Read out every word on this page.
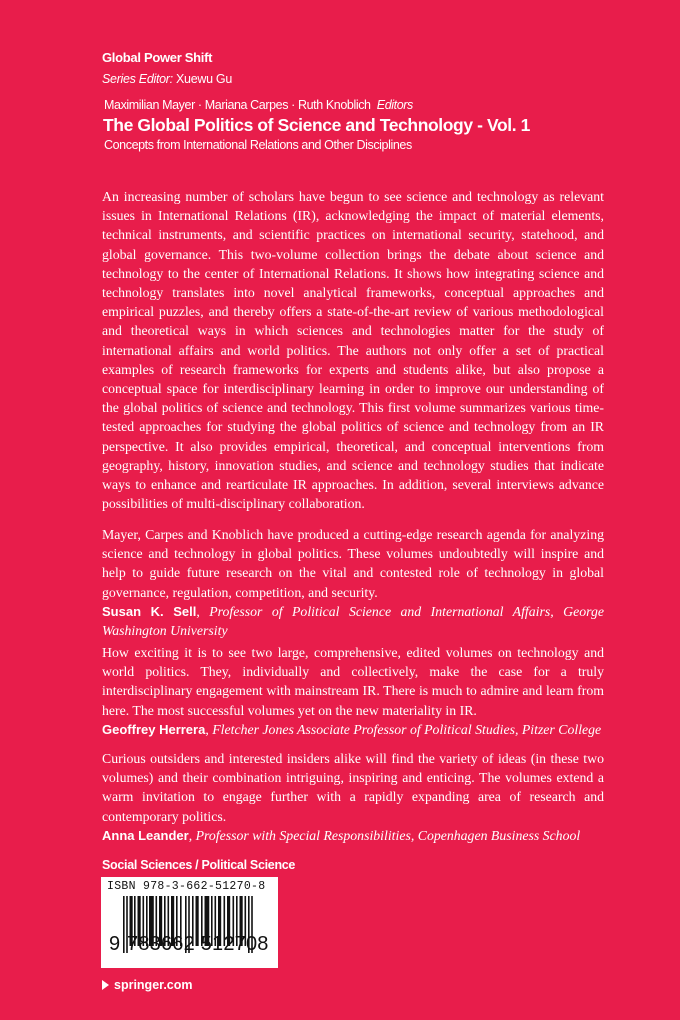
Global Power Shift
Series Editor: Xuewu Gu
Maximilian Mayer · Mariana Carpes · Ruth Knoblich Editors
The Global Politics of Science and Technology - Vol. 1
Concepts from International Relations and Other Disciplines
An increasing number of scholars have begun to see science and technology as relevant issues in International Relations (IR), acknowledging the impact of material elements, technical instruments, and scientific practices on international security, statehood, and global governance. This two-volume collection brings the debate about science and technology to the center of International Relations. It shows how integrating science and technology translates into novel analytical frameworks, conceptual approaches and empirical puzzles, and thereby offers a state-of-the-art review of various methodological and theoretical ways in which sciences and technologies matter for the study of international affairs and world politics. The authors not only offer a set of practical examples of research frameworks for experts and students alike, but also propose a conceptual space for interdisciplinary learning in order to improve our understanding of the global politics of science and technology. This first volume summarizes various time-tested approaches for studying the global politics of science and technology from an IR perspective. It also provides empirical, theoretical, and conceptual interventions from geography, history, innovation studies, and science and technology studies that indicate ways to enhance and rearticulate IR approaches. In addition, several interviews advance possibilities of multi-disciplinary collaboration.
Mayer, Carpes and Knoblich have produced a cutting-edge research agenda for analyzing science and technology in global politics. These volumes undoubtedly will inspire and help to guide future research on the vital and contested role of technology in global governance, regulation, competition, and security.
Susan K. Sell, Professor of Political Science and International Affairs, George Washington University
How exciting it is to see two large, comprehensive, edited volumes on technology and world politics. They, individually and collectively, make the case for a truly interdisciplinary engagement with mainstream IR. There is much to admire and learn from here. The most successful volumes yet on the new materiality in IR.
Geoffrey Herrera, Fletcher Jones Associate Professor of Political Studies, Pitzer College
Curious outsiders and interested insiders alike will find the variety of ideas (in these two volumes) and their combination intriguing, inspiring and enticing. The volumes extend a warm invitation to engage further with a rapidly expanding area of research and contemporary politics.
Anna Leander, Professor with Special Responsibilities, Copenhagen Business School
Social Sciences / Political Science
ISBN 978-3-662-51270-8
9 783662 512708
springer.com
